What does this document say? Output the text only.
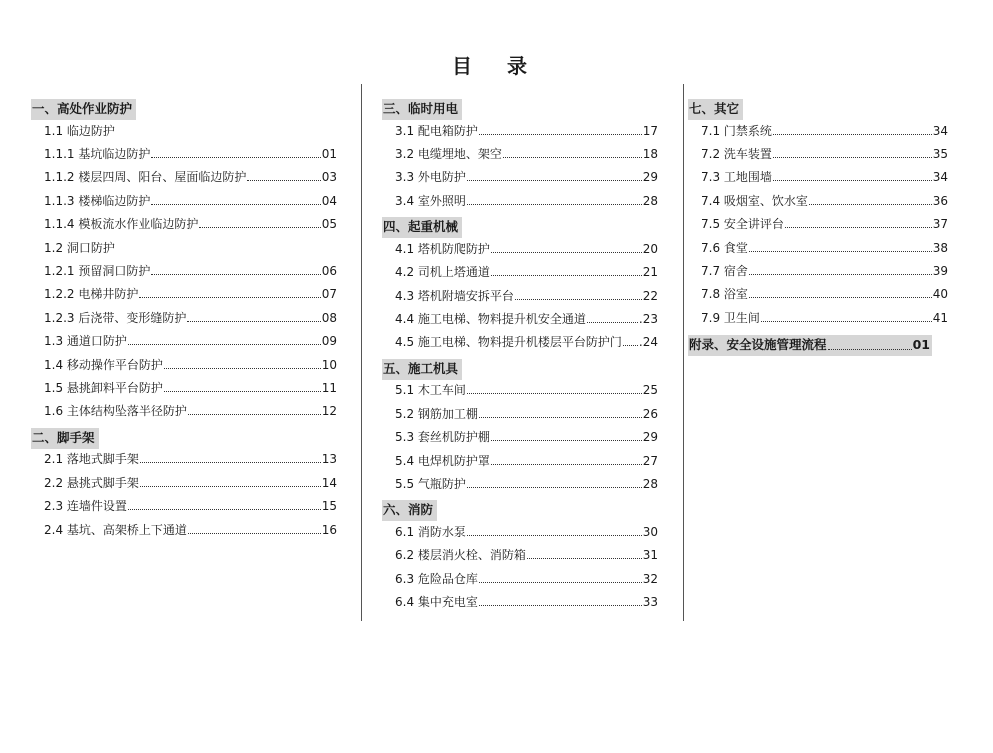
目 录
一、高处作业防护
1.1 临边防护
1.1.1 基坑临边防护	01
1.1.2 楼层四周、阳台、屋面临边防护	03
1.1.3 楼梯临边防护	04
1.1.4 模板流水作业临边防护	05
1.2 洞口防护
1.2.1 预留洞口防护	06
1.2.2 电梯井防护	07
1.2.3 后浇带、变形缝防护	08
1.3 通道口防护	09
1.4 移动操作平台防护	10
1.5 悬挑卸料平台防护	11
1.6 主体结构坠落半径防护	12
二、脚手架
2.1 落地式脚手架	13
2.2 悬挑式脚手架	14
2.3 连墙件设置	15
2.4 基坑、高架桥上下通道	16
三、临时用电
3.1 配电箱防护	17
3.2 电缆埋地、架空	18
3.3 外电防护	29
3.4 室外照明	28
四、起重机械
4.1 塔机防爬防护	20
4.2 司机上塔通道	21
4.3 塔机附墙安拆平台	22
4.4 施工电梯、物料提升机安全通道	.23
4.5 施工电梯、物料提升机楼层平台防护门 .24
五、施工机具
5.1 木工车间	25
5.2 钢筋加工棚	26
5.3 套丝机防护棚	29
5.4 电焊机防护罩	27
5.5 气瓶防护	28
六、消防
6.1 消防水泵	30
6.2 楼层消火栓、消防箱	31
6.3 危险品仓库	32
6.4 集中充电室	33
七、其它
7.1 门禁系统	34
7.2 洗车装置	35
7.3 工地围墙	34
7.4 吸烟室、饮水室	36
7.5 安全讲评台	37
7.6 食堂	38
7.7 宿舍	39
7.8 浴室	40
7.9 卫生间	41
附录、安全设施管理流程	01
